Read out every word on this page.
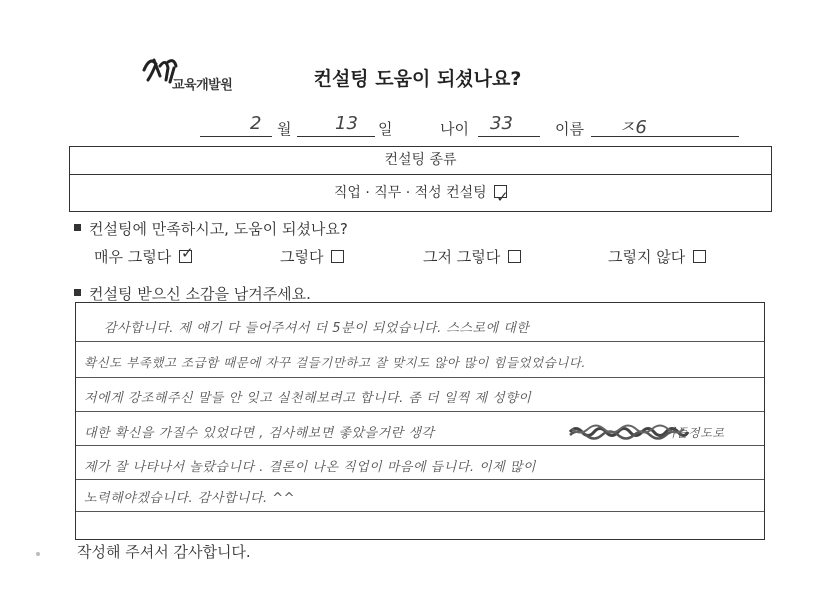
교육개발원	컨설팅 도움이 되셨나요?
2 월 13 일	나이 33	이름 ㅈ6
컨설팅 종류
직업 · 직무 · 적성 컨설팅 ✓
컨설팅에 만족하시고, 도움이 되셨나요?
매우 그렇다 ✓	그렇다	그저 그렇다	그렇지 않다
컨설팅 받으신 소감을 남겨주세요.
감사합니다. 제 얘기 다 들어주셔서 더 5분이 되었습니다. 스스로에 대한
확신도 부족했고 조급함 때문에 자꾸 걸들기만하고 잘 맞지도 않아 많이 힘들었었습니다.
저에게 강조해주신 말들 안 잊고 실천해보려고 합니다. 좀 더 일찍 제 성향이
대한 확신을 가질수 있었다면 , 검사해보면 좋았을거란 생각	이들정도로
제가 잘 나타나서 놀랐습니다 . 결론이 나온 직업이 마음에 듭니다. 이제 많이
노력해야겠습니다. 감사합니다. ^^
작성해 주셔서 감사합니다.
